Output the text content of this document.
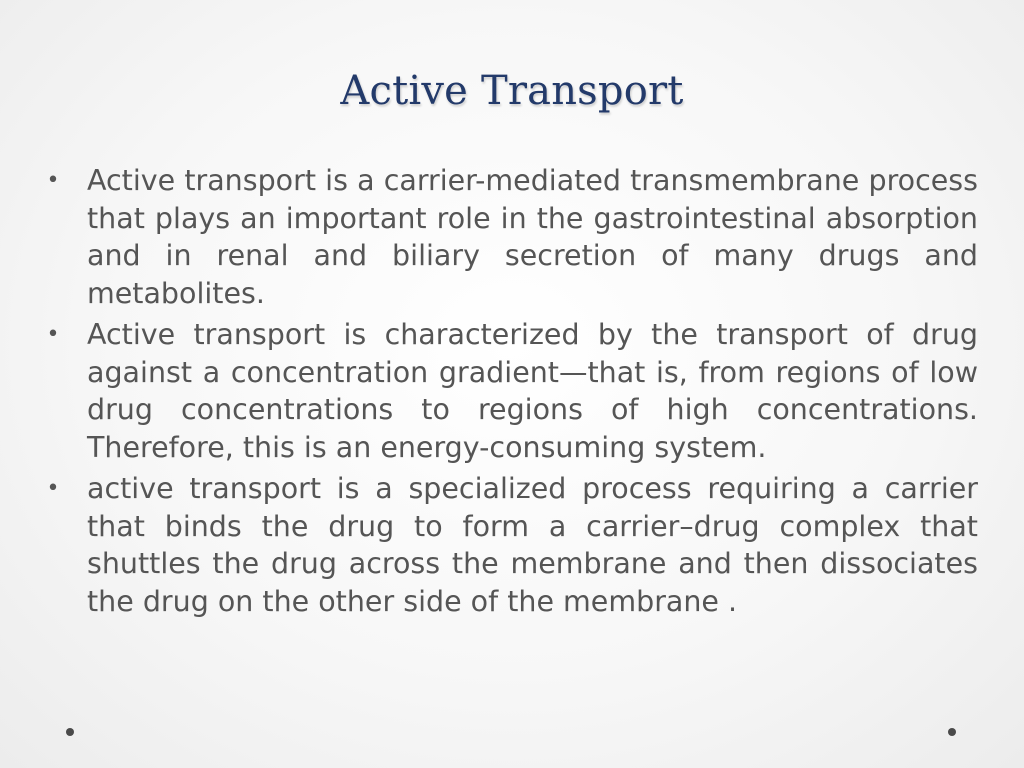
Active Transport
• Active transport is a carrier-mediated transmembrane process that plays an important role in the gastrointestinal absorption and in renal and biliary secretion of many drugs and metabolites.
• Active transport is characterized by the transport of drug against a concentration gradient—that is, from regions of low drug concentrations to regions of high concentrations. Therefore, this is an energy-consuming system.
• active transport is a specialized process requiring a carrier that binds the drug to form a carrier–drug complex that shuttles the drug across the membrane and then dissociates the drug on the other side of the membrane .
